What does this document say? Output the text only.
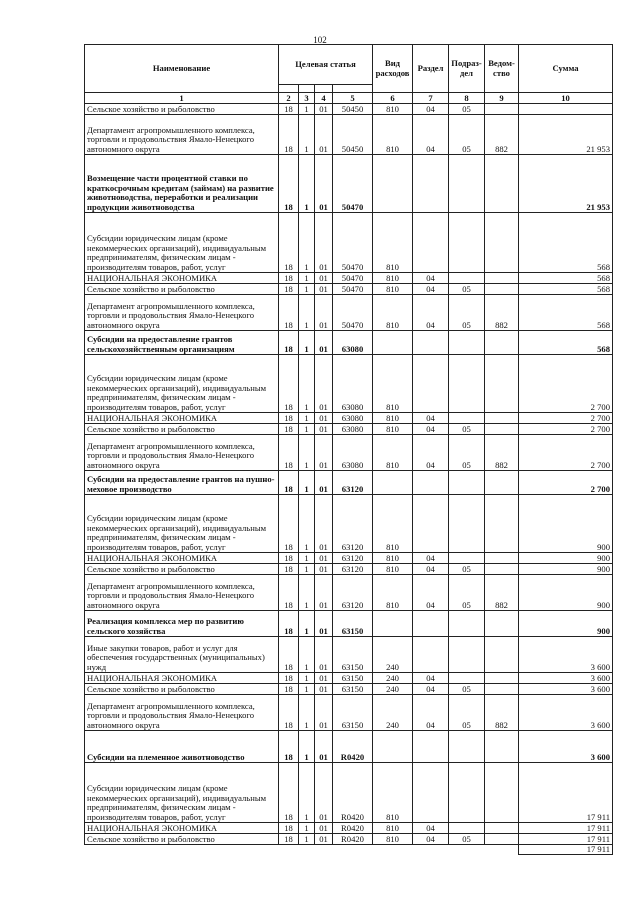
102
Наименование	Целевая статья				Вид расходов	Раздел	Подраз-дел	Ведом-ство	Сумма

1	2	3	4	5	6	7	8	9	10
Сельское хозяйство и рыболовство	18	1	01	50450	810	04	05		
Департамент агропромышленного комплекса, торговли и продовольствия Ямало-Ненецкого автономного округа	18	1	01	50450	810	04	05	882	21 953
Возмещение части процентной ставки по краткосрочным кредитам (займам) на развитие животноводства, переработки и реализации продукции животноводства	18	1	01	50470					21 953
Субсидии юридическим лицам (кроме некоммерческих организаций), индивидуальным предпринимателям, физическим лицам - производителям товаров, работ, услуг	18	1	01	50470	810				568
НАЦИОНАЛЬНАЯ ЭКОНОМИКА	18	1	01	50470	810	04			568
Сельское хозяйство и рыболовство	18	1	01	50470	810	04	05		568
Департамент агропромышленного комплекса, торговли и продовольствия Ямало-Ненецкого автономного округа	18	1	01	50470	810	04	05	882	568
Субсидии на предоставление грантов сельскохозяйственным организациям	18	1	01	63080					568
Субсидии юридическим лицам (кроме некоммерческих организаций), индивидуальным предпринимателям, физическим лицам - производителям товаров, работ, услуг	18	1	01	63080	810				2 700
НАЦИОНАЛЬНАЯ ЭКОНОМИКА	18	1	01	63080	810	04			2 700
Сельское хозяйство и рыболовство	18	1	01	63080	810	04	05		2 700
Департамент агропромышленного комплекса, торговли и продовольствия Ямало-Ненецкого автономного округа	18	1	01	63080	810	04	05	882	2 700
Субсидии на предоставление грантов на пушно-меховое производство	18	1	01	63120					2 700
Субсидии юридическим лицам (кроме некоммерческих организаций), индивидуальным предпринимателям, физическим лицам - производителям товаров, работ, услуг	18	1	01	63120	810				900
НАЦИОНАЛЬНАЯ ЭКОНОМИКА	18	1	01	63120	810	04			900
Сельское хозяйство и рыболовство	18	1	01	63120	810	04	05		900
Департамент агропромышленного комплекса, торговли и продовольствия Ямало-Ненецкого автономного округа	18	1	01	63120	810	04	05	882	900
Реализация комплекса мер по развитию сельского хозяйства	18	1	01	63150					900
Иные закупки товаров, работ и услуг для обеспечения государственных (муниципальных) нужд	18	1	01	63150	240				3 600
НАЦИОНАЛЬНАЯ ЭКОНОМИКА	18	1	01	63150	240	04			3 600
Сельское хозяйство и рыболовство	18	1	01	63150	240	04	05		3 600
Департамент агропромышленного комплекса, торговли и продовольствия Ямало-Ненецкого автономного округа	18	1	01	63150	240	04	05	882	3 600
Субсидии на племенное животноводство	18	1	01	R0420					3 600
Субсидии юридическим лицам (кроме некоммерческих организаций), индивидуальным предпринимателям, физическим лицам - производителям товаров, работ, услуг	18	1	01	R0420	810				17 911
НАЦИОНАЛЬНАЯ ЭКОНОМИКА	18	1	01	R0420	810	04			17 911
Сельское хозяйство и рыболовство	18	1	01	R0420	810	04	05		17 911
									17 911
